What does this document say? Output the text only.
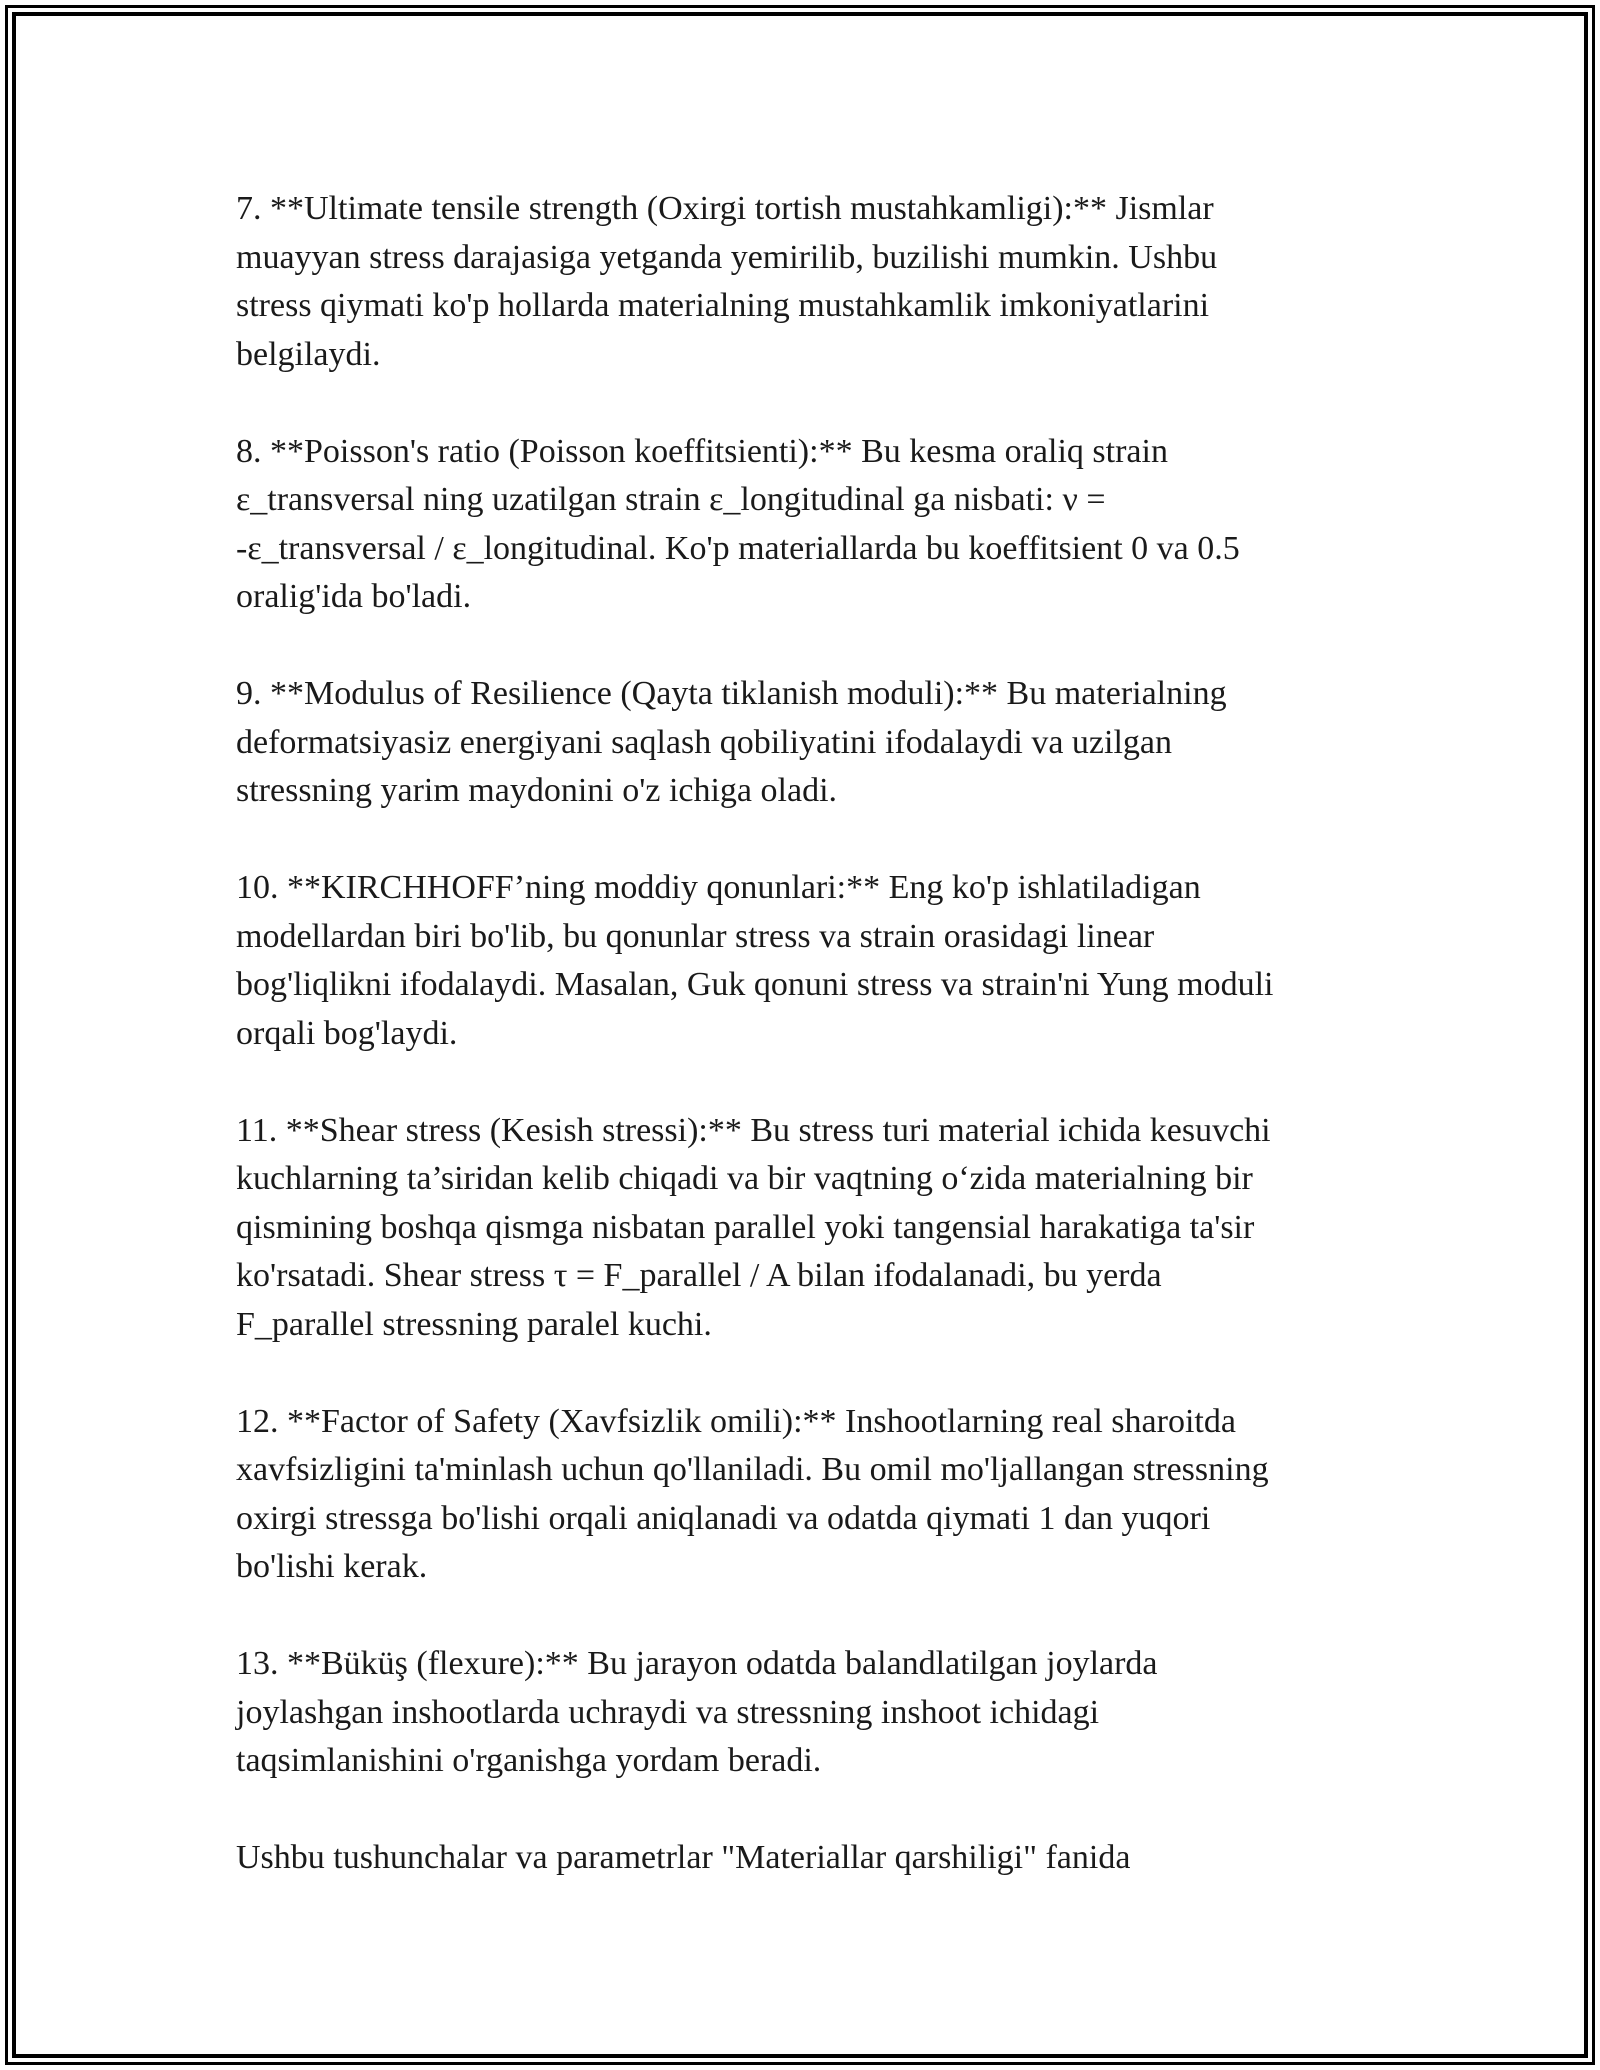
7. **Ultimate tensile strength (Oxirgi tortish mustahkamligi):** Jismlar
muayyan stress darajasiga yetganda yemirilib, buzilishi mumkin. Ushbu
stress qiymati ko'p hollarda materialning mustahkamlik imkoniyatlarini
belgilaydi.

8. **Poisson's ratio (Poisson koeffitsienti):** Bu kesma oraliq strain
ε_transversal ning uzatilgan strain ε_longitudinal ga nisbati: ν =
-ε_transversal / ε_longitudinal. Ko'p materiallarda bu koeffitsient 0 va 0.5
oralig'ida bo'ladi.

9. **Modulus of Resilience (Qayta tiklanish moduli):** Bu materialning
deformatsiyasiz energiyani saqlash qobiliyatini ifodalaydi va uzilgan
stressning yarim maydonini o'z ichiga oladi.

10. **KIRCHHOFF’ning moddiy qonunlari:** Eng ko'p ishlatiladigan
modellardan biri bo'lib, bu qonunlar stress va strain orasidagi linear
bog'liqlikni ifodalaydi. Masalan, Guk qonuni stress va strain'ni Yung moduli
orqali bog'laydi.

11. **Shear stress (Kesish stressi):** Bu stress turi material ichida kesuvchi
kuchlarning ta’siridan kelib chiqadi va bir vaqtning o‘zida materialning bir
qismining boshqa qismga nisbatan parallel yoki tangensial harakatiga ta'sir
ko'rsatadi. Shear stress τ = F_parallel / A bilan ifodalanadi, bu yerda
F_parallel stressning paralel kuchi.

12. **Factor of Safety (Xavfsizlik omili):** Inshootlarning real sharoitda
xavfsizligini ta'minlash uchun qo'llaniladi. Bu omil mo'ljallangan stressning
oxirgi stressga bo'lishi orqali aniqlanadi va odatda qiymati 1 dan yuqori
bo'lishi kerak.

13. **Büküş (flexure):** Bu jarayon odatda balandlatilgan joylarda
joylashgan inshootlarda uchraydi va stressning inshoot ichidagi
taqsimlanishini o'rganishga yordam beradi.

Ushbu tushunchalar va parametrlar "Materiallar qarshiligi" fanida
